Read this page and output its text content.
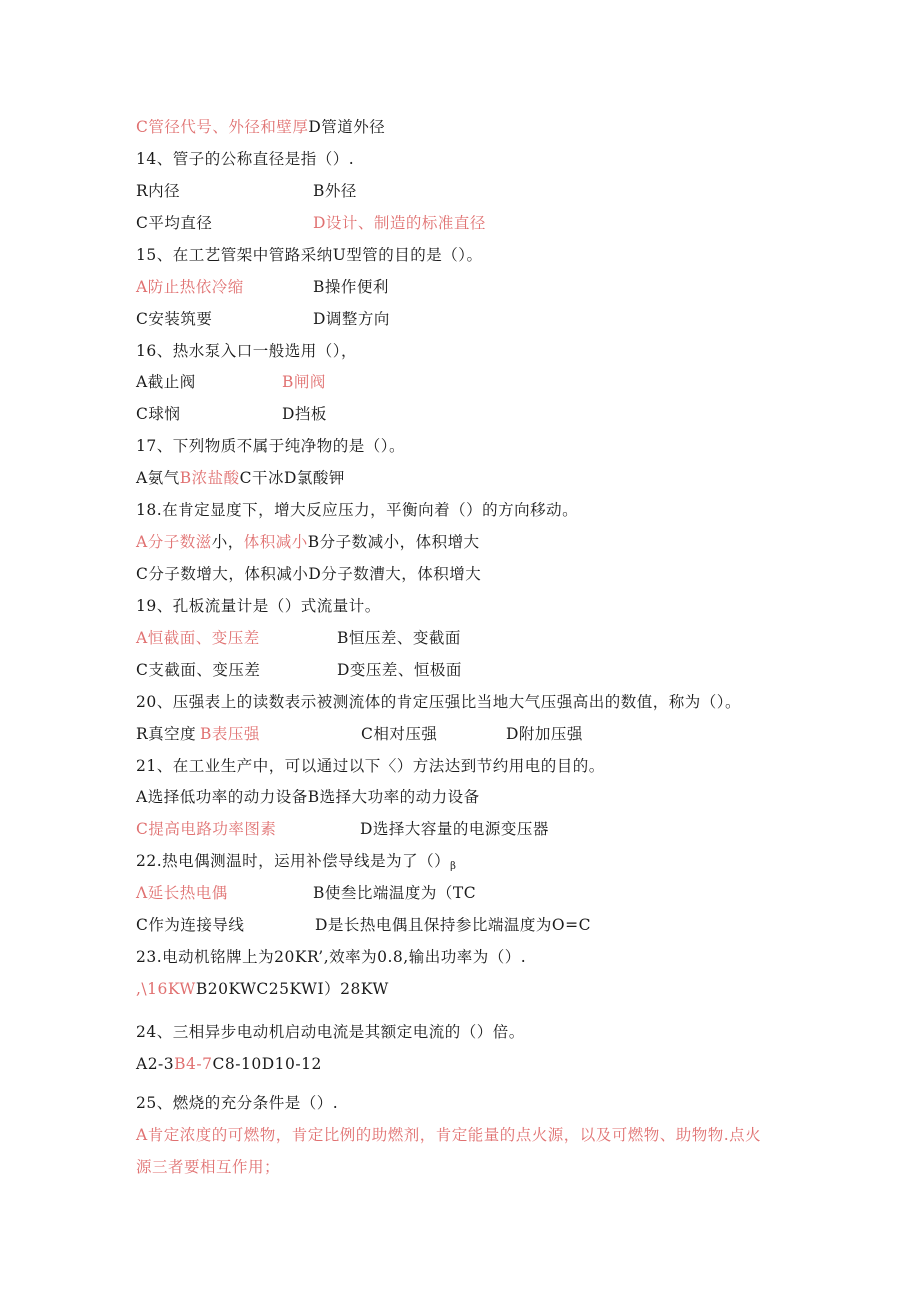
C管径代号、外径和壁厚D管道外径
14、管子的公称直径是指（）.
R内径	B外径
C平均直径	D设计、制造的标准直径
15、在工艺管架中管路采纳U型管的目的是（）。
A防止热依冷缩	B操作便利
C安装筑要	D调整方向
16、热水泵入口一般选用（），
A截止阀	B闸阀
C球悯	D挡板
17、下列物质不属于纯净物的是（）。
A氨气B浓盐酸C干冰D氯酸钾
18.在肯定显度下，增大反应压力，平衡向着（）的方向移动。
A分子数滋小，体积减小B分子数减小，体积增大
C分子数增大，体积减小D分子数漕大，体积增大
19、孔板流量计是（）式流量计。
A恒截面、变压差	B恒压差、变截面
C支截面、变压差	D变压差、恒极面
20、压强表上的读数表示被测流体的肯定压强比当地大气压强高出的数值，称为（）。
R真空度 B表压强	C相对压强	D附加压强
21、在工业生产中，可以通过以下〈）方法达到节约用电的目的。
A选择低功率的动力设备B选择大功率的动力设备
C提高电路功率图素	D选择大容量的电源变压器
22.热电偶测温时，运用补偿导线是为了$()_\beta$
Λ延长热电偶	B使叁比端温度为（TC
C作为连接导线	D是长热电偶且保持参比端温度为O=C
23.电动机铭牌上为20KR’,效率为0.8,输出功率为（）.
,\16KWB20KWC25KWI）28KW
24、三相异步电动机启动电流是其额定电流的（）倍。
A2-3B4-7C8-10D10-12
25、燃烧的充分条件是（）.
A肯定浓度的可燃物，肯定比例的助燃剂，肯定能量的点火源，以及可燃物、助物物.点火
源三者要相互作用；
